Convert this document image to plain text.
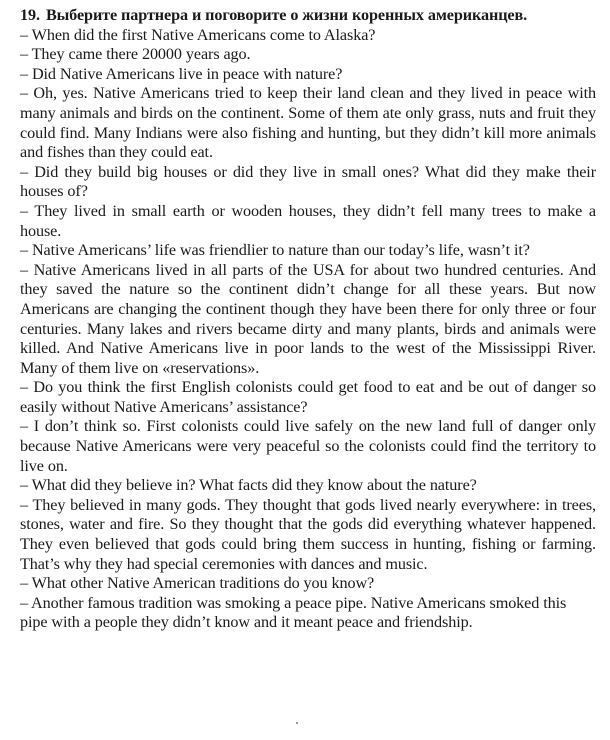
19. Выберите партнера и поговорите о жизни коренных американцев.

– When did the first Native Americans come to Alaska?

– They came there 20000 years ago.

– Did Native Americans live in peace with nature?

– Oh, yes. Native Americans tried to keep their land clean and they lived in peace with many animals and birds on the continent. Some of them ate only grass, nuts and fruit they could find. Many Indians were also fishing and hunting, but they didn’t kill more animals and fishes than they could eat.

– Did they build big houses or did they live in small ones? What did they make their houses of?

– They lived in small earth or wooden houses, they didn’t fell many trees to make a house.

– Native Americans’ life was friendlier to nature than our today’s life, wasn’t it?

– Native Americans lived in all parts of the USA for about two hundred centuries. And they saved the nature so the continent didn’t change for all these years. But now Americans are changing the continent though they have been there for only three or four centuries. Many lakes and rivers became dirty and many plants, birds and animals were killed. And Native Americans live in poor lands to the west of the Mississippi River. Many of them live on «reservations».

– Do you think the first English colonists could get food to eat and be out of danger so easily without Native Americans’ assistance?

– I don’t think so. First colonists could live safely on the new land full of danger only because Native Americans were very peaceful so the colonists could find the territory to live on.

– What did they believe in? What facts did they know about the nature?

– They believed in many gods. They thought that gods lived nearly everywhere: in trees, stones, water and fire. So they thought that the gods did everything whatever happened. They even believed that gods could bring them success in hunting, fishing or farming. That’s why they had special ceremonies with dances and music.

– What other Native American traditions do you know?

– Another famous tradition was smoking a peace pipe. Native Americans smoked this pipe with a people they didn’t know and it meant peace and friendship.
